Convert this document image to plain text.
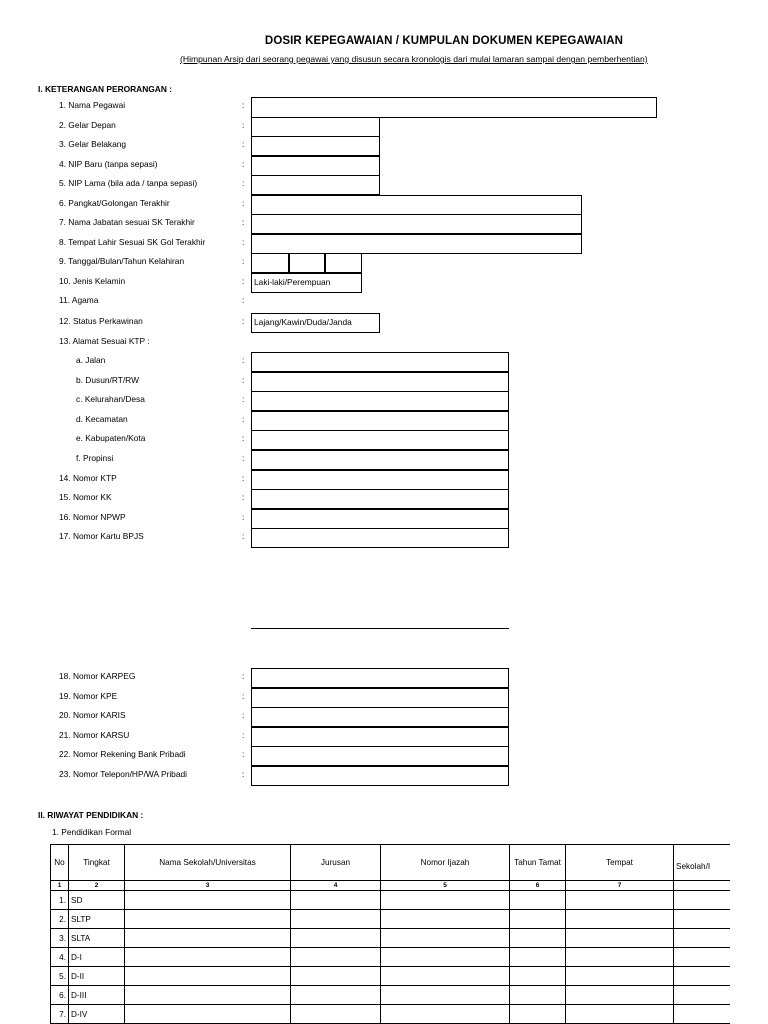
DOSIR KEPEGAWAIAN / KUMPULAN DOKUMEN KEPEGAWAIAN
(Himpunan Arsip dari seorang pegawai yang disusun secara kronologis dari mulai lamaran sampai dengan pemberhentian)
I. KETERANGAN PERORANGAN :
1. Nama Pegawai	:
2. Gelar Depan	:
3. Gelar Belakang	:
4. NIP Baru (tanpa sepasi)	:
5. NIP Lama (bila ada / tanpa sepasi)	:
6. Pangkat/Golongan Terakhir	:
7. Nama Jabatan sesuai SK Terakhir	:
8. Tempat Lahir Sesuai SK Gol Terakhir	:
9. Tanggal/Bulan/Tahun Kelahiran	:
10. Jenis Kelamin	:	Laki-laki/Perempuan
11. Agama	:
12. Status Perkawinan	:	Lajang/Kawin/Duda/Janda
13. Alamat Sesuai KTP :
a. Jalan	:
b. Dusun/RT/RW	:
c. Kelurahan/Desa	:
d. Kecamatan	:
e. Kabupaten/Kota	:
f. Propinsi	:
14. Nomor KTP	:
15. Nomor KK	:
16. Nomor NPWP	:
17. Nomor Kartu BPJS	:
18. Nomor KARPEG	:
19. Nomor KPE	:
20. Nomor KARIS	:
21. Nomor KARSU	:
22. Nomor Rekening Bank Pribadi	:
23. Nomor Telepon/HP/WA Pribadi	:
II. RIWAYAT PENDIDIKAN :
1. Pendidikan Formal
No	Tingkat	Nama Sekolah/Universitas	Jurusan	Nomor Ijazah	Tahun Tamat	Tempat	Sekolah/I
1	2	3	4	5	6	7	
1.	SD						
2.	SLTP						
3.	SLTA						
4.	D-I						
5.	D-II						
6.	D-III						
7.	D-IV						
